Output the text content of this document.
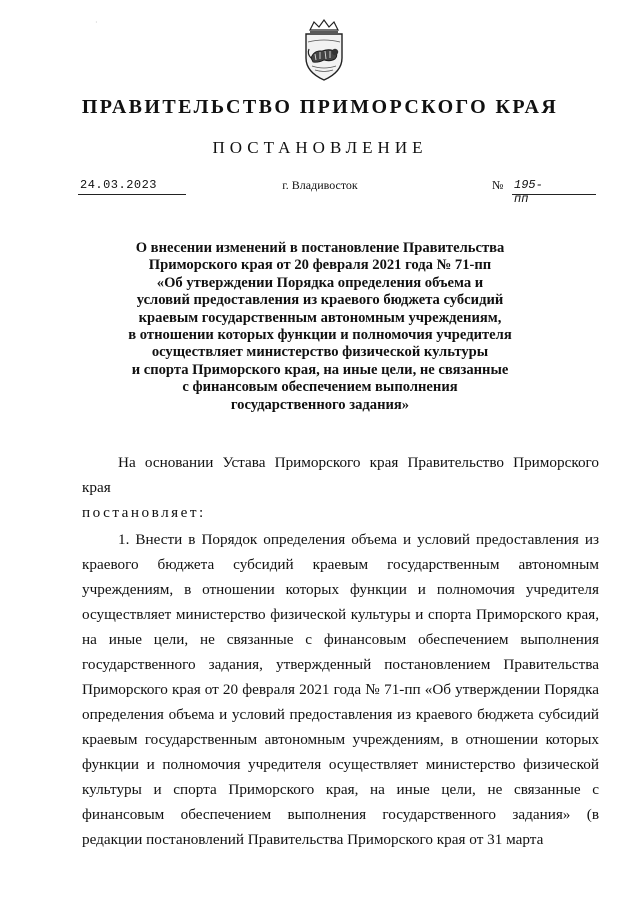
·
ПРАВИТЕЛЬСТВО ПРИМОРСКОГО КРАЯ
ПОСТАНОВЛЕНИЕ
24.03.2023	г. Владивосток	№ 195-пп
О внесении изменений в постановление Правительства
Приморского края от 20 февраля 2021 года № 71-пп
«Об утверждении Порядка определения объема и
условий предоставления из краевого бюджета субсидий
краевым государственным автономным учреждениям,
в отношении которых функции и полномочия учредителя
осуществляет министерство физической культуры
и спорта Приморского края, на иные цели, не связанные
с финансовым обеспечением выполнения
государственного задания»

На основании Устава Приморского края Правительство Приморского края

постановляет:

1. Внести в Порядок определения объема и условий предоставления из краевого бюджета субсидий краевым государственным автономным учреждениям, в отношении которых функции и полномочия учредителя осуществляет министерство физической культуры и спорта Приморского края, на иные цели, не связанные с финансовым обеспечением выполнения государственного задания, утвержденный постановлением Правительства Приморского края от 20 февраля 2021 года № 71-пп «Об утверждении Порядка определения объема и условий предоставления из краевого бюджета субсидий краевым государственным автономным учреждениям, в отношении которых функции и полномочия учредителя осуществляет министерство физической культуры и спорта Приморского края, на иные цели, не связанные с финансовым обеспечением выполнения государственного задания» (в редакции постановлений Правительства Приморского края от 31 марта
